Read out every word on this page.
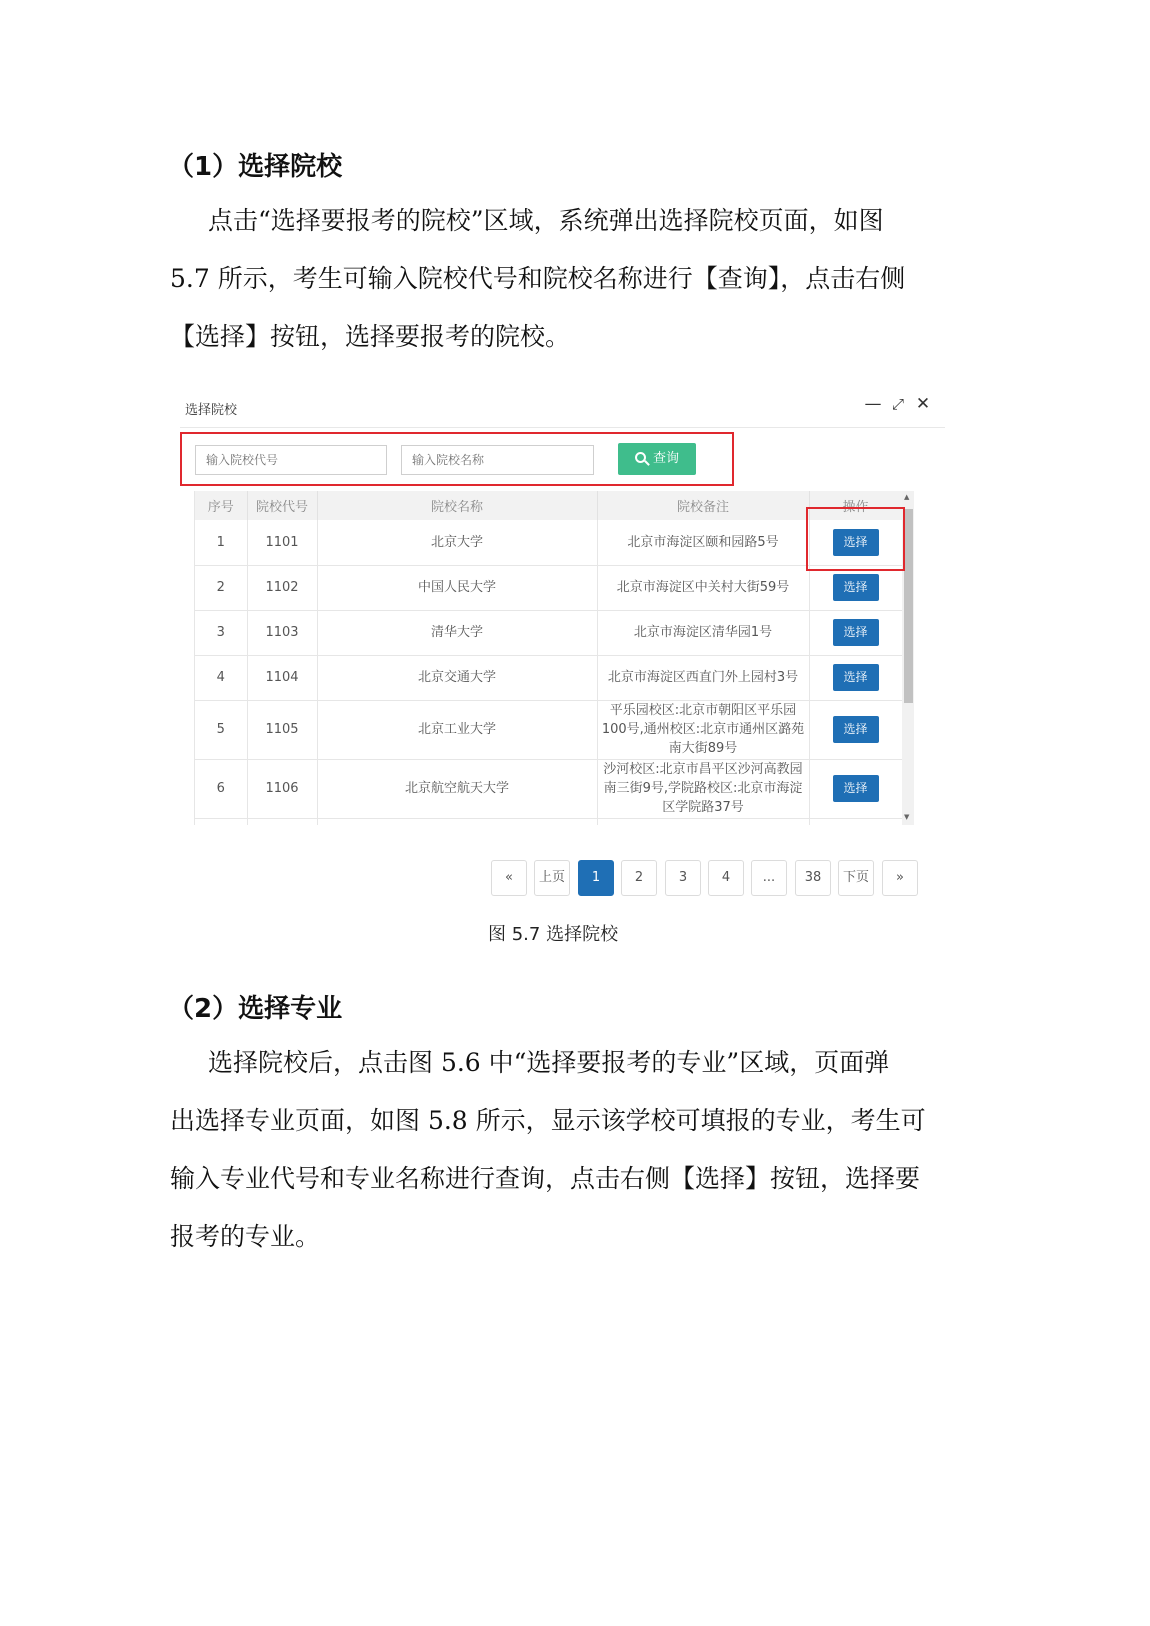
（1）选择院校
点击“选择要报考的院校”区域，系统弹出选择院校页面，如图
5.7 所示，考生可输入院校代号和院校名称进行【查询】，点击右侧
【选择】按钮，选择要报考的院校。
选择院校	— ⤢ ✕
输入院校代号
输入院校名称
查询
序号	院校代号	院校名称	院校备注	操作
1	1101	北京大学	北京市海淀区颐和园路5号	选择
2	1102	中国人民大学	北京市海淀区中关村大街59号	选择
3	1103	清华大学	北京市海淀区清华园1号	选择
4	1104	北京交通大学	北京市海淀区西直门外上园村3号	选择
5	1105	北京工业大学	平乐园校区:北京市朝阳区平乐园100号,通州校区:北京市通州区潞苑南大街89号	选择
6	1106	北京航空航天大学	沙河校区:北京市昌平区沙河高教园南三街9号,学院路校区:北京市海淀区学院路37号	选择

▲
▼
«	上页	1	2	3	4	...	38	下页	»
图 5.7 选择院校
（2）选择专业
选择院校后，点击图 5.6 中“选择要报考的专业”区域，页面弹
出选择专业页面，如图 5.8 所示，显示该学校可填报的专业，考生可
输入专业代号和专业名称进行查询，点击右侧【选择】按钮，选择要
报考的专业。
